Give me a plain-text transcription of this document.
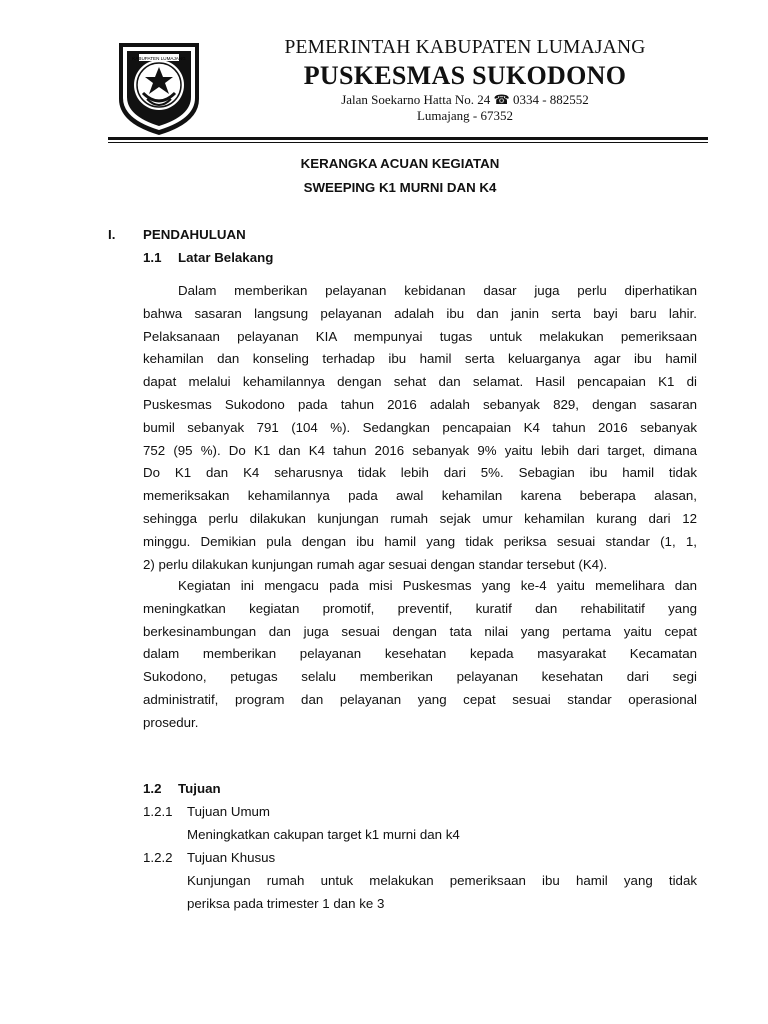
KABUPATEN LUMAJANG
PEMERINTAH KABUPATEN LUMAJANG
PUSKESMAS SUKODONO
Jalan Soekarno Hatta No. 24 ☎ 0334 - 882552
Lumajang - 67352
KERANGKA ACUAN KEGIATAN
SWEEPING K1 MURNI DAN K4
I. PENDAHULUAN
1.1 Latar Belakang
Dalam memberikan pelayanan kebidanan dasar juga perlu diperhatikan
bahwa sasaran langsung pelayanan adalah ibu dan janin serta bayi baru lahir.
Pelaksanaan pelayanan KIA mempunyai tugas untuk melakukan pemeriksaan
kehamilan dan konseling terhadap ibu hamil serta keluarganya agar ibu hamil
dapat melalui kehamilannya dengan sehat dan selamat. Hasil pencapaian K1 di
Puskesmas Sukodono pada tahun 2016 adalah sebanyak 829, dengan sasaran
bumil sebanyak 791 (104 %). Sedangkan pencapaian K4 tahun 2016 sebanyak
752 (95 %). Do K1 dan K4 tahun 2016 sebanyak 9% yaitu lebih dari target, dimana
Do K1 dan K4 seharusnya tidak lebih dari 5%. Sebagian ibu hamil tidak
memeriksakan kehamilannya pada awal kehamilan karena beberapa alasan,
sehingga perlu dilakukan kunjungan rumah sejak umur kehamilan kurang dari 12
minggu. Demikian pula dengan ibu hamil yang tidak periksa sesuai standar (1, 1,
2) perlu dilakukan kunjungan rumah agar sesuai dengan standar tersebut (K4).
Kegiatan ini mengacu pada misi Puskesmas yang ke-4 yaitu memelihara dan
meningkatkan kegiatan promotif, preventif, kuratif dan rehabilitatif yang
berkesinambungan dan juga sesuai dengan tata nilai yang pertama yaitu cepat
dalam memberikan pelayanan kesehatan kepada masyarakat Kecamatan
Sukodono, petugas selalu memberikan pelayanan kesehatan dari segi
administratif, program dan pelayanan yang cepat sesuai standar operasional
prosedur.
1.2 Tujuan
1.2.1 Tujuan Umum
Meningkatkan cakupan target k1 murni dan k4
1.2.2 Tujuan Khusus
Kunjungan rumah untuk melakukan pemeriksaan ibu hamil yang tidak
periksa pada trimester 1 dan ke 3
